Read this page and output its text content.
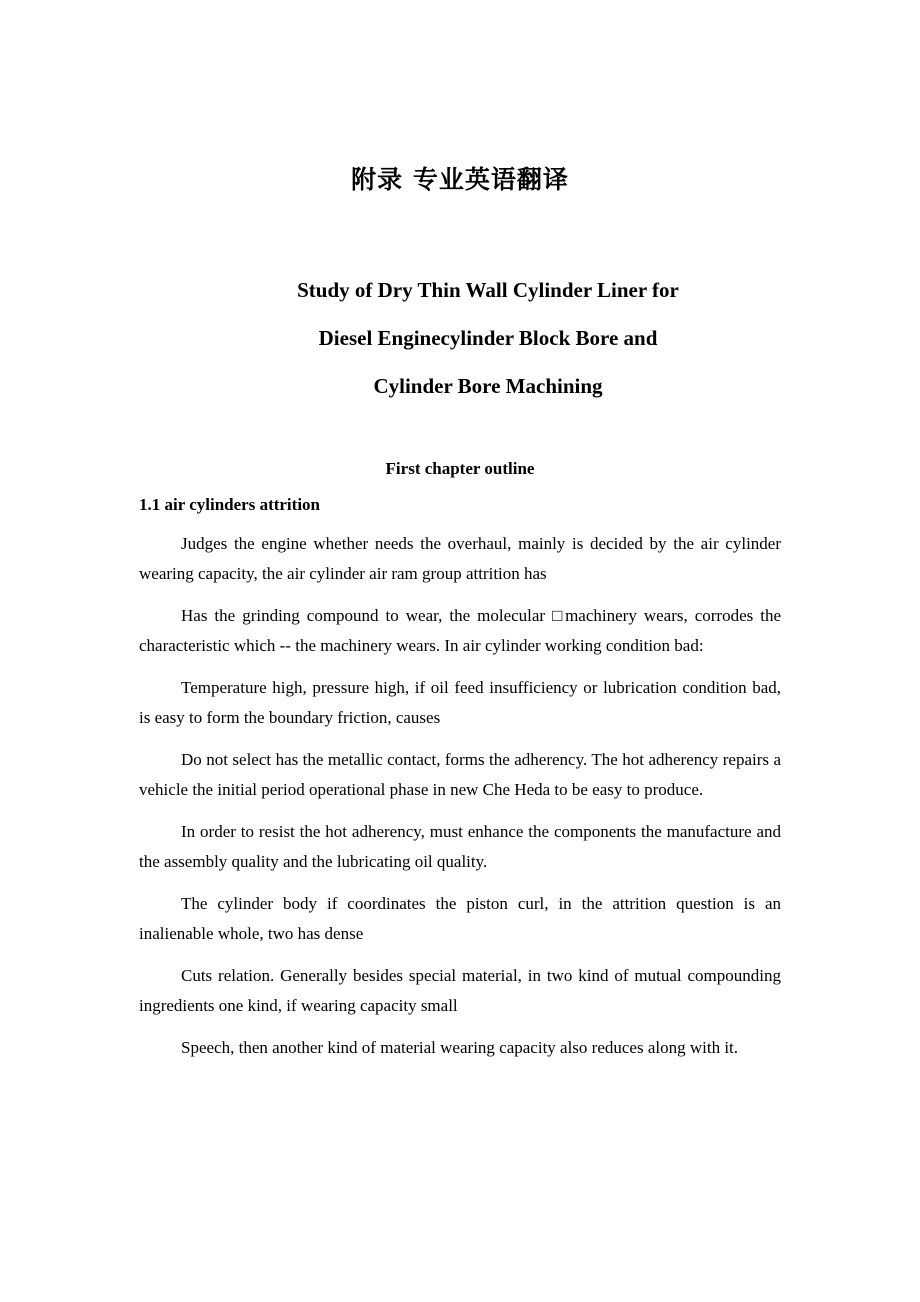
附录 专业英语翻译
Study of Dry Thin Wall Cylinder Liner for
Diesel Enginecylinder Block Bore and
Cylinder Bore Machining
First chapter outline
1.1 air cylinders attrition

Judges the engine whether needs the overhaul, mainly is decided by the air cylinder wearing capacity, the air cylinder air ram group attrition has

Has the grinding compound to wear, the molecular □machinery wears, corrodes the characteristic which -- the machinery wears. In air cylinder working condition bad:

Temperature high, pressure high, if oil feed insufficiency or lubrication condition bad, is easy to form the boundary friction, causes

Do not select has the metallic contact, forms the adherency. The hot adherency repairs a vehicle the initial period operational phase in new Che Heda to be easy to produce.

In order to resist the hot adherency, must enhance the components the manufacture and the assembly quality and the lubricating oil quality.

The cylinder body if coordinates the piston curl, in the attrition question is an inalienable whole, two has dense

Cuts relation. Generally besides special material, in two kind of mutual compounding ingredients one kind, if wearing capacity small

Speech, then another kind of material wearing capacity also reduces along with it.
